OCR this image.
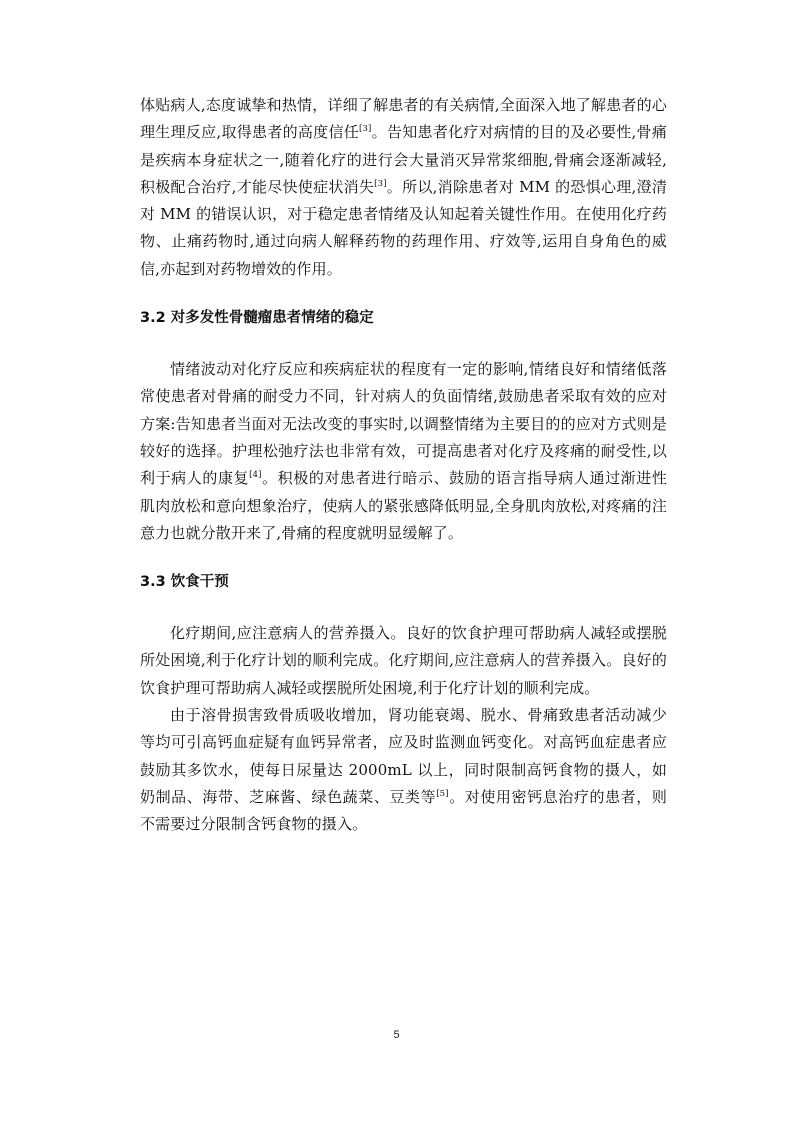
体贴病人,态度诚挚和热情，详细了解患者的有关病情,全面深入地了解患者的心理生理反应,取得患者的高度信任[3]。告知患者化疗对病情的目的及必要性,骨痛是疾病本身症状之一,随着化疗的进行会大量消灭异常浆细胞,骨痛会逐渐减轻,积极配合治疗,才能尽快使症状消失[3]。所以,消除患者对 MM 的恐惧心理,澄清对 MM 的错误认识，对于稳定患者情绪及认知起着关键性作用。在使用化疗药物、止痛药物时,通过向病人解释药物的药理作用、疗效等,运用自身角色的威信,亦起到对药物增效的作用。

3.2 对多发性骨髓瘤患者情绪的稳定

情绪波动对化疗反应和疾病症状的程度有一定的影响,情绪良好和情绪低落常使患者对骨痛的耐受力不同，针对病人的负面情绪,鼓励患者采取有效的应对方案:告知患者当面对无法改变的事实时,以调整情绪为主要目的的应对方式则是较好的选择。护理松弛疗法也非常有效，可提高患者对化疗及疼痛的耐受性,以利于病人的康复[4]。积极的对患者进行暗示、鼓励的语言指导病人通过渐进性肌肉放松和意向想象治疗，使病人的紧张感降低明显,全身肌肉放松,对疼痛的注意力也就分散开来了,骨痛的程度就明显缓解了。

3.3 饮食干预

化疗期间,应注意病人的营养摄入。良好的饮食护理可帮助病人减轻或摆脱所处困境,利于化疗计划的顺利完成。化疗期间,应注意病人的营养摄入。良好的饮食护理可帮助病人减轻或摆脱所处困境,利于化疗计划的顺利完成。

由于溶骨损害致骨质吸收增加，肾功能衰竭、脱水、骨痛致患者活动减少等均可引高钙血症疑有血钙异常者，应及时监测血钙变化。对高钙血症患者应鼓励其多饮水，使每日尿量达 2000mL 以上，同时限制高钙食物的摄人，如奶制品、海带、芝麻酱、绿色蔬菜、豆类等[5]。对使用密钙息治疗的患者，则不需要过分限制含钙食物的摄入。

5
